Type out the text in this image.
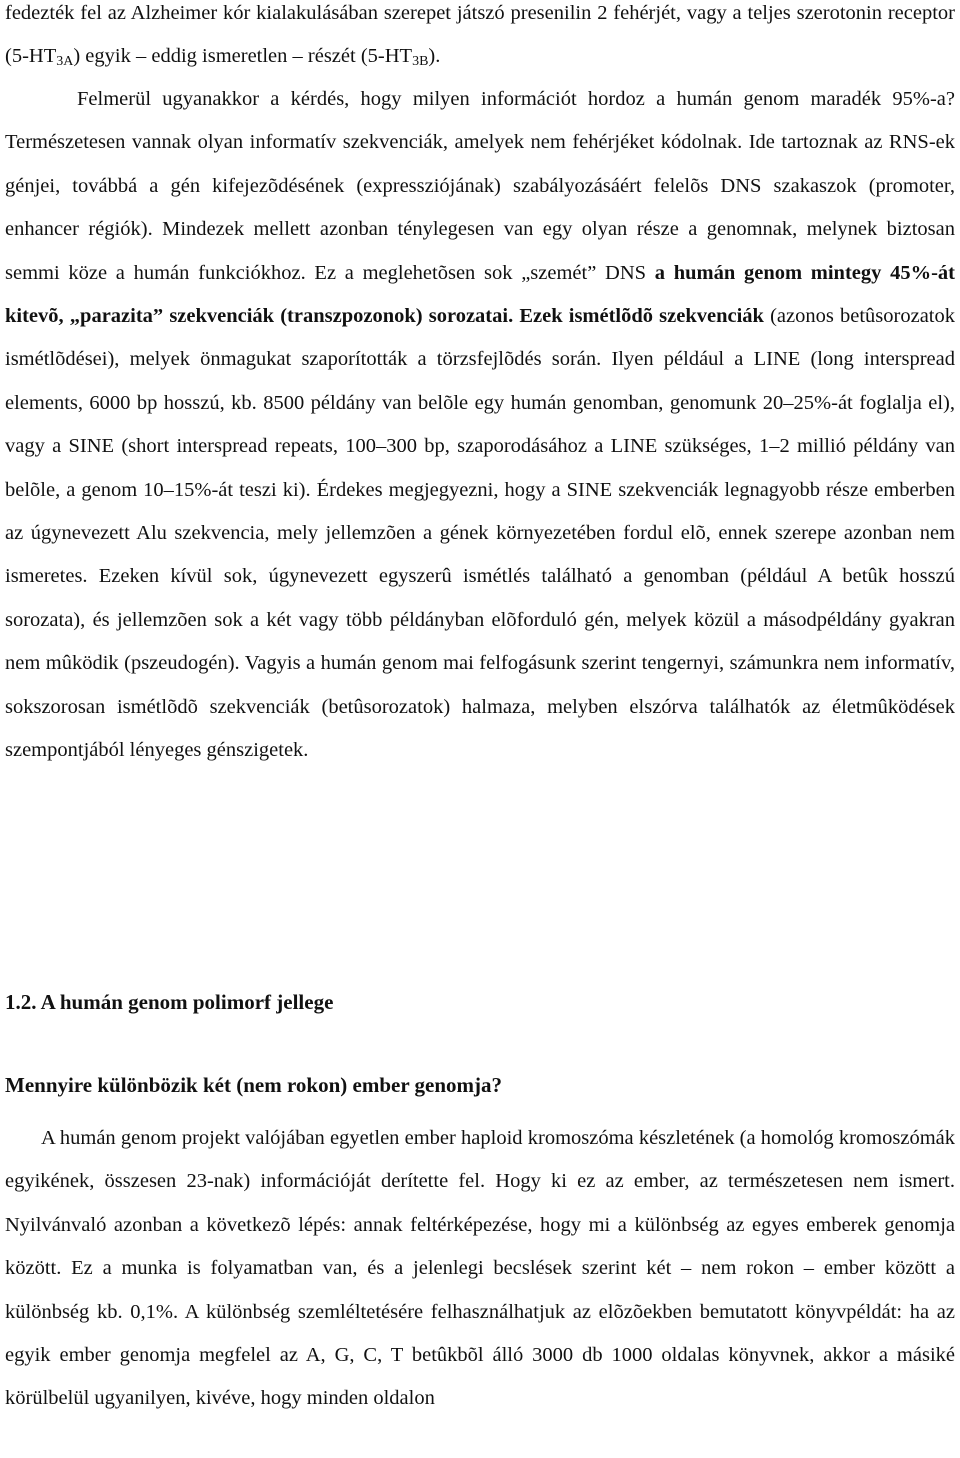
fedezték fel az Alzheimer kór kialakulásában szerepet játszó presenilin 2 fehérjét, vagy a teljes szerotonin receptor $(5-HT_{3A})$ egyik – eddig ismeretlen – részét $(5-HT_{3B})$.

Felmerül ugyanakkor a kérdés, hogy milyen információt hordoz a humán genom maradék 95%-a? Természetesen vannak olyan informatív szekvenciák, amelyek nem fehérjéket kódolnak. Ide tartoznak az RNS-ek génjei, továbbá a gén kifejezõdésének (expressziójának) szabályozásáért felelõs DNS szakaszok (promoter, enhancer régiók). Mindezek mellett azonban ténylegesen van egy olyan része a genomnak, melynek biztosan semmi köze a humán funkciókhoz. Ez a meglehetõsen sok „szemét” DNS a humán genom mintegy 45%-át kitevõ, „parazita” szekvenciák (transzpozonok) sorozatai. Ezek ismétlõdõ szekvenciák (azonos betûsorozatok ismétlõdései), melyek önmagukat szaporították a törzsfejlõdés során. Ilyen például a LINE (long interspread elements, 6000 bp hosszú, kb. 8500 példány van belõle egy humán genomban, genomunk 20–25%-át foglalja el), vagy a SINE (short interspread repeats, 100–300 bp, szaporodásához a LINE szükséges, 1–2 millió példány van belõle, a genom 10–15%-át teszi ki). Érdekes megjegyezni, hogy a SINE szekvenciák legnagyobb része emberben az úgynevezett Alu szekvencia, mely jellemzõen a gének környezetében fordul elõ, ennek szerepe azonban nem ismeretes. Ezeken kívül sok, úgynevezett egyszerû ismétlés található a genomban (például A betûk hosszú sorozata), és jellemzõen sok a két vagy több példányban elõforduló gén, melyek közül a másodpéldány gyakran nem mûködik (pszeudogén). Vagyis a humán genom mai felfogásunk szerint tengernyi, számunkra nem informatív, sokszorosan ismétlõdõ szekvenciák (betûsorozatok) halmaza, melyben elszórva találhatók az életmûködések szempontjából lényeges génszigetek.

1.2. A humán genom polimorf jellege
Mennyire különbözik két (nem rokon) ember genomja?

A humán genom projekt valójában egyetlen ember haploid kromoszóma készletének (a homológ kromoszómák egyikének, összesen 23-nak) információját derítette fel. Hogy ki ez az ember, az természetesen nem ismert. Nyilvánvaló azonban a következõ lépés: annak feltérképezése, hogy mi a különbség az egyes emberek genomja között. Ez a munka is folyamatban van, és a jelenlegi becslések szerint két – nem rokon – ember között a különbség kb. 0,1%. A különbség szemléltetésére felhasználhatjuk az elõzõekben bemutatott könyvpéldát: ha az egyik ember genomja megfelel az A, G, C, T betûkbõl álló 3000 db 1000 oldalas könyvnek, akkor a másiké körülbelül ugyanilyen, kivéve, hogy minden oldalon
